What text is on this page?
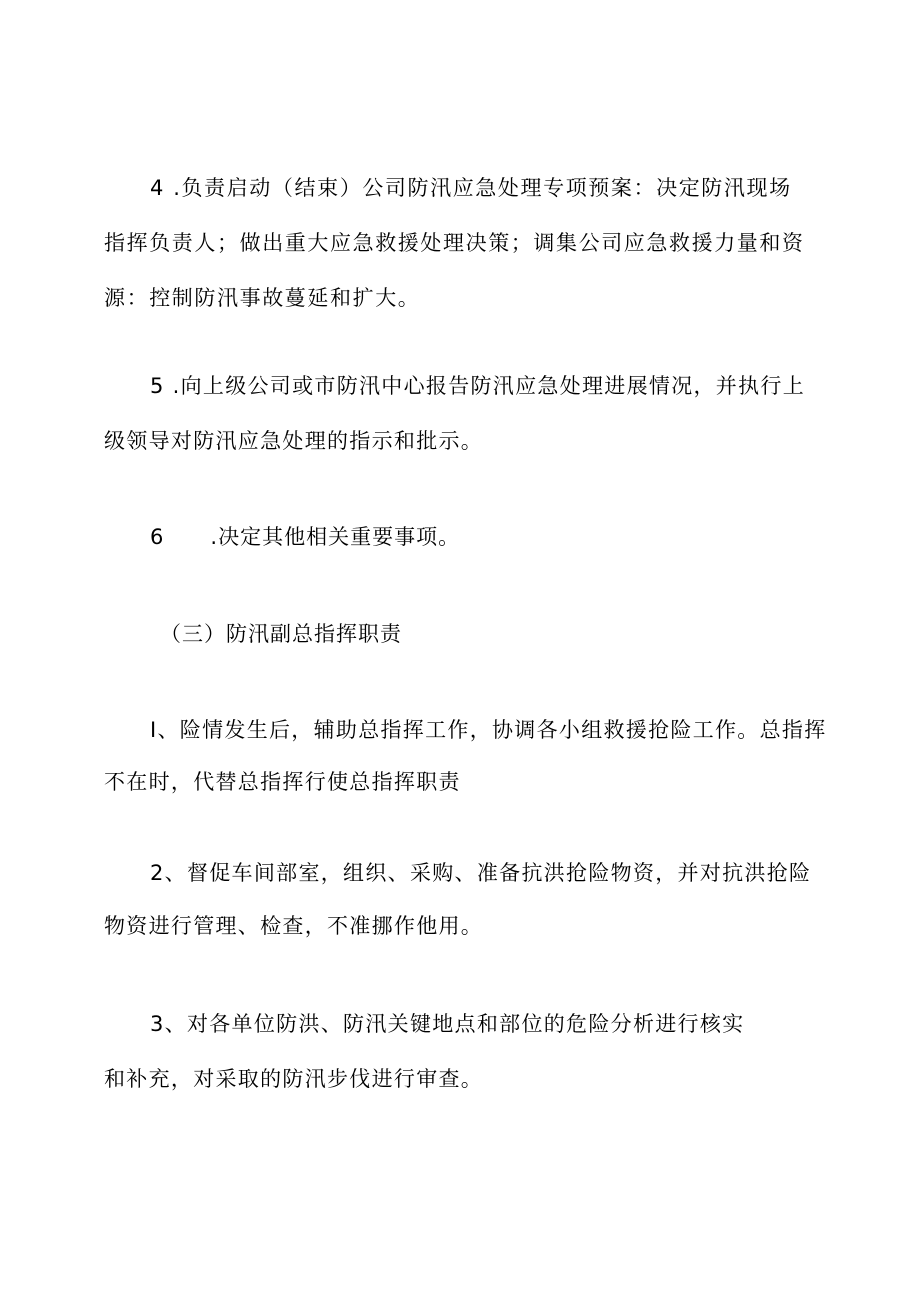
4 .负责启动（结束）公司防汛应急处理专项预案：决定防汛现场
指挥负责人；做出重大应急救援处理决策；调集公司应急救援力量和资
源：控制防汛事故蔓延和扩大。
5 .向上级公司或市防汛中心报告防汛应急处理进展情况，并执行上
级领导对防汛应急处理的指示和批示。
6      .决定其他相关重要事项。
（三）防汛副总指挥职责
I、险情发生后，辅助总指挥工作，协调各小组救援抢险工作。总指挥
不在时，代替总指挥行使总指挥职责
2、督促车间部室，组织、采购、准备抗洪抢险物资，并对抗洪抢险
物资进行管理、检查，不准挪作他用。
3、对各单位防洪、防汛关键地点和部位的危险分析进行核实
和补充，对采取的防汛步伐进行审查。
